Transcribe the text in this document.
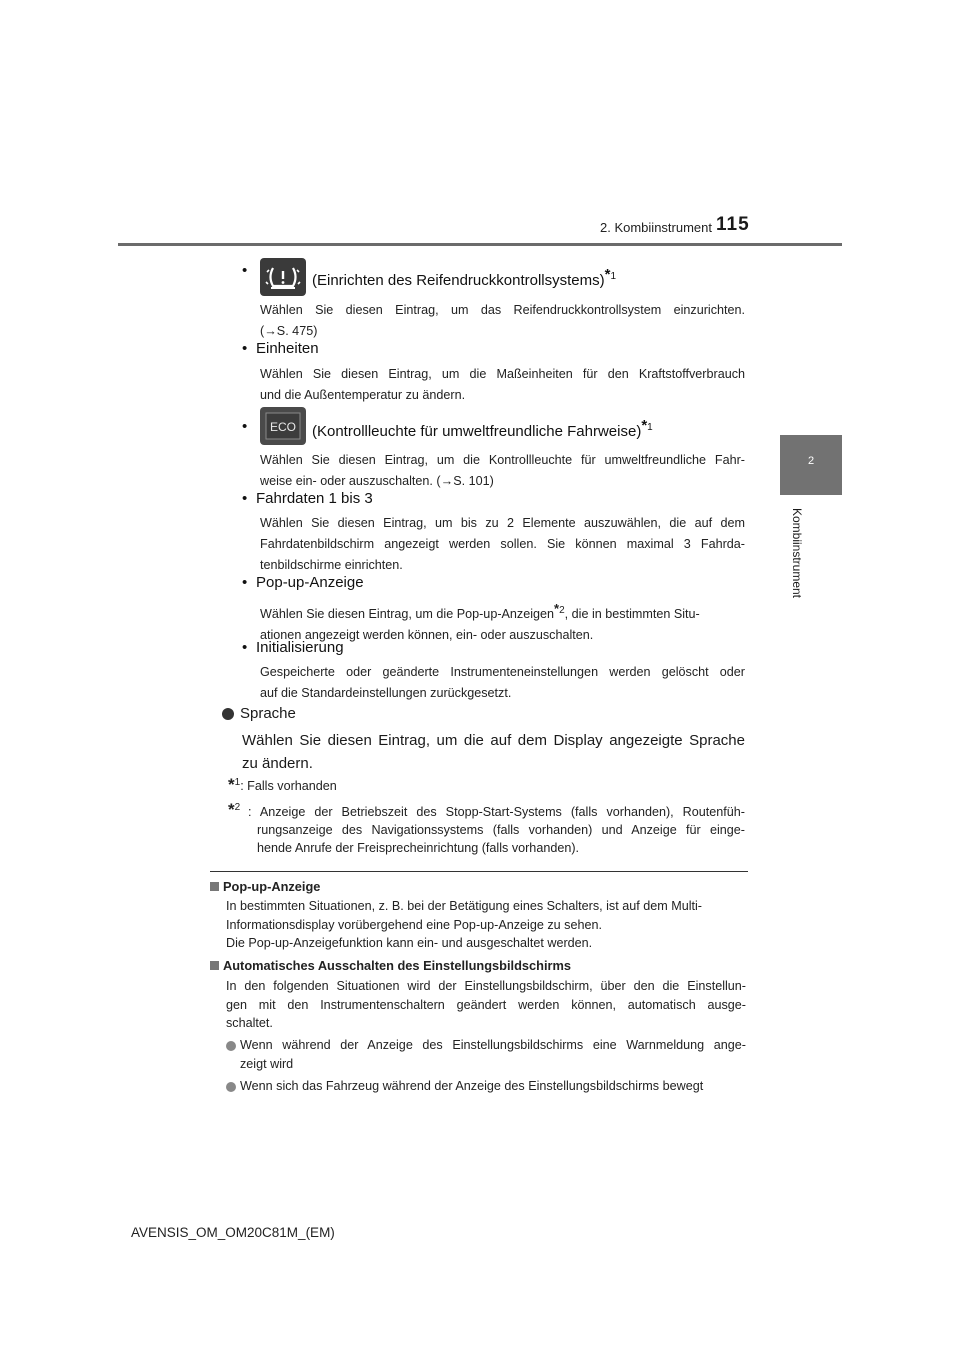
2. Kombiinstrument 115
2
Kombiinstrument
•
(Einrichten des Reifendruckkontrollsystems)$^{*1}$
Wählen Sie diesen Eintrag, um das Reifendruckkontrollsystem einzurichten.
(→S. 475)
• Einheiten
Wählen Sie diesen Eintrag, um die Maßeinheiten für den Kraftstoffverbrauch
und die Außentemperatur zu ändern.
•	ECO (Kontrollleuchte für umweltfreundliche Fahrweise)$^{*1}$
Wählen Sie diesen Eintrag, um die Kontrollleuchte für umweltfreundliche Fahr-
weise ein- oder auszuschalten. (→S. 101)
• Fahrdaten 1 bis 3
Wählen Sie diesen Eintrag, um bis zu 2 Elemente auszuwählen, die auf dem
Fahrdatenbildschirm angezeigt werden sollen. Sie können maximal 3 Fahrda-
tenbildschirme einrichten.
• Pop-up-Anzeige
Wählen Sie diesen Eintrag, um die Pop-up-Anzeigen$^{*2}$, die in bestimmten Situ-
ationen angezeigt werden können, ein- oder auszuschalten.
• Initialisierung
Gespeicherte oder geänderte Instrumenteneinstellungen werden gelöscht oder
auf die Standardeinstellungen zurückgesetzt.
Sprache
Wählen Sie diesen Eintrag, um die auf dem Display angezeigte Sprache
zu ändern.
*$^1$: Falls vorhanden
*$^2$ : Anzeige der Betriebszeit des Stopp-Start-Systems (falls vorhanden), Routenfüh-
rungsanzeige des Navigationssystems (falls vorhanden) und Anzeige für einge-
hende Anrufe der Freisprecheinrichtung (falls vorhanden).
Pop-up-Anzeige
In bestimmten Situationen, z. B. bei der Betätigung eines Schalters, ist auf dem Multi-
Informationsdisplay vorübergehend eine Pop-up-Anzeige zu sehen.
Die Pop-up-Anzeigefunktion kann ein- und ausgeschaltet werden.
Automatisches Ausschalten des Einstellungsbildschirms
In den folgenden Situationen wird der Einstellungsbildschirm, über den die Einstellun-
gen mit den Instrumentenschaltern geändert werden können, automatisch ausge-
schaltet.
Wenn während der Anzeige des Einstellungsbildschirms eine Warnmeldung ange-
zeigt wird
Wenn sich das Fahrzeug während der Anzeige des Einstellungsbildschirms bewegt
AVENSIS_OM_OM20C81M_(EM)
